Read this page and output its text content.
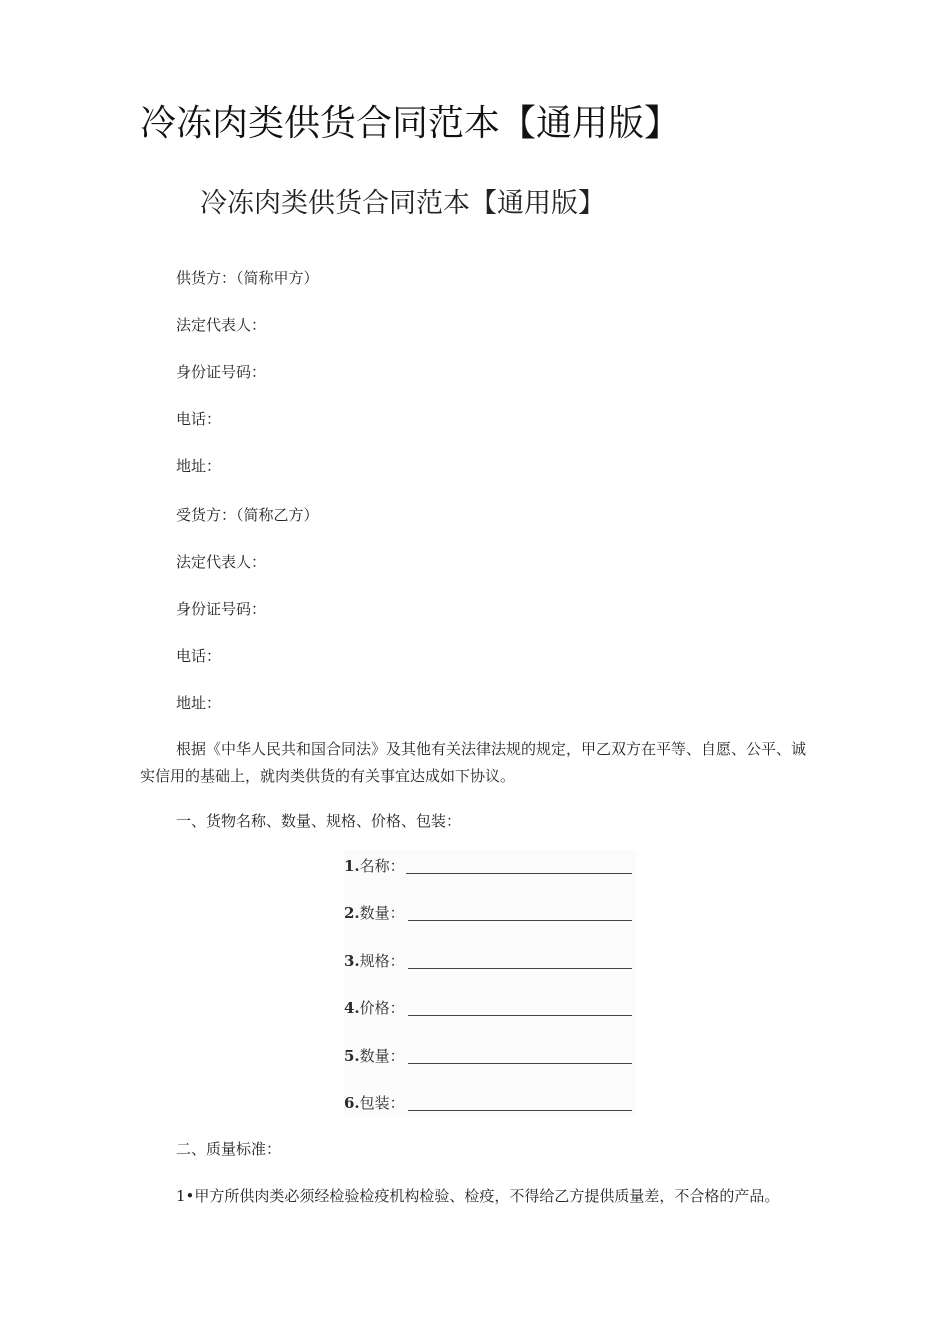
冷冻肉类供货合同范本【通用版】
冷冻肉类供货合同范本【通用版】
供货方：（简称甲方）
法定代表人：
身份证号码：
电话：
地址：
受货方：（简称乙方）
法定代表人：
身份证号码：
电话：
地址：
根据《中华人民共和国合同法》及其他有关法律法规的规定，甲乙双方在平等、自愿、公平、诚实信用的基础上，就肉类供货的有关事宜达成如下协议。
一、货物名称、数量、规格、价格、包装：
1.名称：
2.数量：
3.规格：
4.价格：
5.数量：
6.包装：
二、质量标准：
1•甲方所供肉类必须经检验检疫机构检验、检疫，不得给乙方提供质量差，不合格的产品。
